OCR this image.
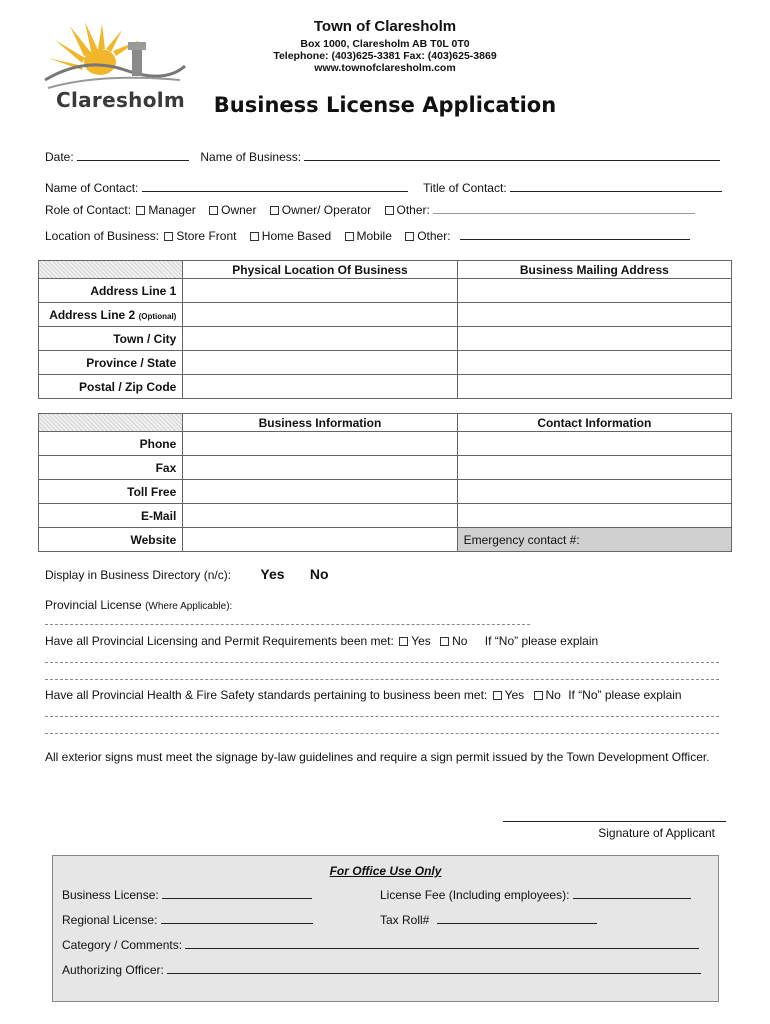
Claresholm
Town of Claresholm
Box 1000, Claresholm AB T0L 0T0
Telephone: (403)625-3381 Fax: (403)625-3869
www.townofclaresholm.com
Business License Application
Date:	Name of Business:
Name of Contact:	Title of Contact:
Role of Contact: Manager Owner Owner/ Operator Other:
Location of Business: Store Front Home Based Mobile Other:
	Physical Location Of Business	Business Mailing Address
Address Line 1		
Address Line 2 (Optional)		
Town / City		
Province / State		
Postal / Zip Code		
	Business Information	Contact Information
Phone		
Fax		
Toll Free		
E-Mail		
Website		Emergency contact #:
Display in Business Directory (n/c): Yes No
Provincial License (Where Applicable):
Have all Provincial Licensing and Permit Requirements been met: Yes No If “No” please explain
Have all Provincial Health & Fire Safety standards pertaining to business been met: Yes No If “No” please explain
All exterior signs must meet the signage by-law guidelines and require a sign permit issued by the Town Development Officer.
Signature of Applicant
For Office Use Only
Business License:	License Fee (Including employees):
Regional License:	Tax Roll#
Category / Comments:
Authorizing Officer:
